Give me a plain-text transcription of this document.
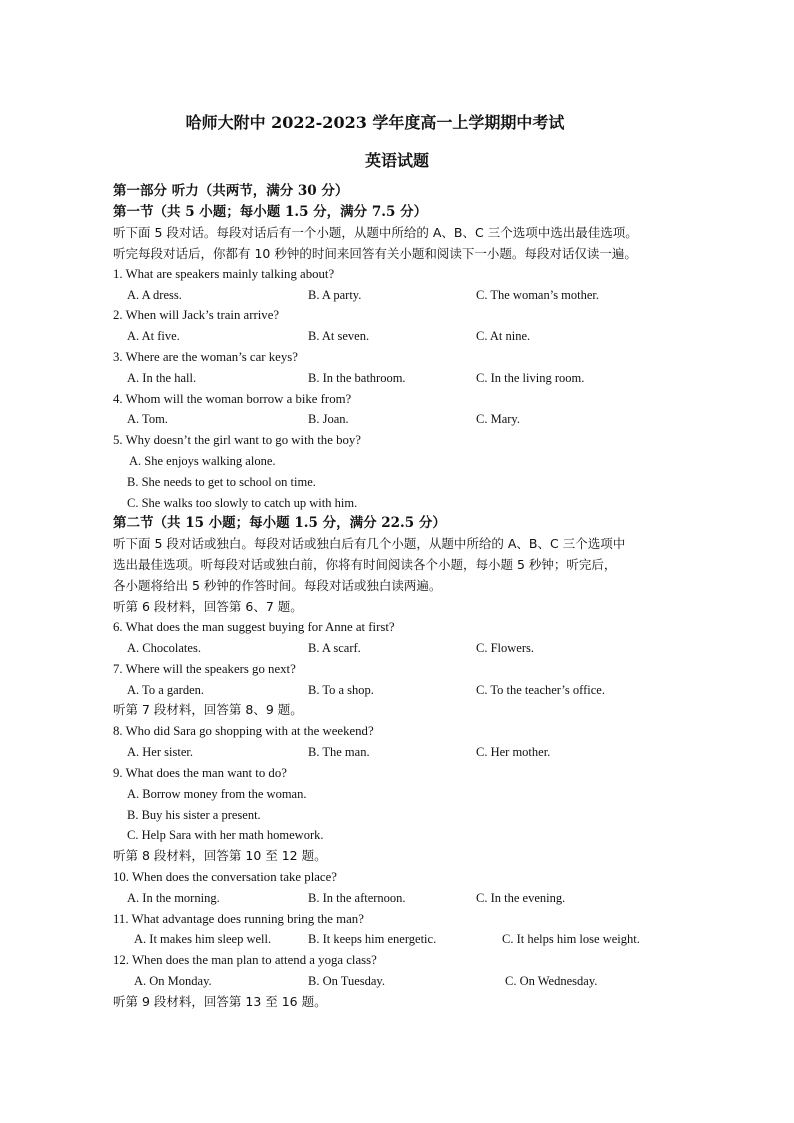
哈师大附中 2022-2023 学年度高一上学期期中考试
英语试题
第一部分 听力（共两节，满分 30 分）
第一节（共 5 小题；每小题 1.5 分，满分 7.5 分）
听下面 5 段对话。每段对话后有一个小题，从题中所给的 A、B、C 三个选项中选出最佳选项。
听完每段对话后，你都有 10 秒钟的时间来回答有关小题和阅读下一小题。每段对话仅读一遍。
1. What are speakers mainly talking about?
A. A dress.	B. A party.	C. The woman’s mother.
2. When will Jack’s train arrive?
A. At five.	B. At seven.	C. At nine.
3. Where are the woman’s car keys?
A. In the hall.	B. In the bathroom.	C. In the living room.
4. Whom will the woman borrow a bike from?
A. Tom.	B. Joan.	C. Mary.
5. Why doesn’t the girl want to go with the boy?
A. She enjoys walking alone.
B. She needs to get to school on time.
C. She walks too slowly to catch up with him.
第二节（共 15 小题；每小题 1.5 分，满分 22.5 分）
听下面 5 段对话或独白。每段对话或独白后有几个小题，从题中所给的 A、B、C 三个选项中
选出最佳选项。听每段对话或独白前，你将有时间阅读各个小题，每小题 5 秒钟；听完后，
各小题将给出 5 秒钟的作答时间。每段对话或独白读两遍。
听第 6 段材料，回答第 6、7 题。
6. What does the man suggest buying for Anne at first?
A. Chocolates.	B. A scarf.	C. Flowers.
7. Where will the speakers go next?
A. To a garden.	B. To a shop.	C. To the teacher’s office.
听第 7 段材料，回答第 8、9 题。
8. Who did Sara go shopping with at the weekend?
A. Her sister.	B. The man.	C. Her mother.
9. What does the man want to do?
A. Borrow money from the woman.
B. Buy his sister a present.
C. Help Sara with her math homework.
听第 8 段材料，回答第 10 至 12 题。
10. When does the conversation take place?
A. In the morning.	B. In the afternoon.	C. In the evening.
11. What advantage does running bring the man?
A. It makes him sleep well.	B. It keeps him energetic.	C. It helps him lose weight.
12. When does the man plan to attend a yoga class?
A. On Monday.	B. On Tuesday.	C. On Wednesday.
听第 9 段材料，回答第 13 至 16 题。
